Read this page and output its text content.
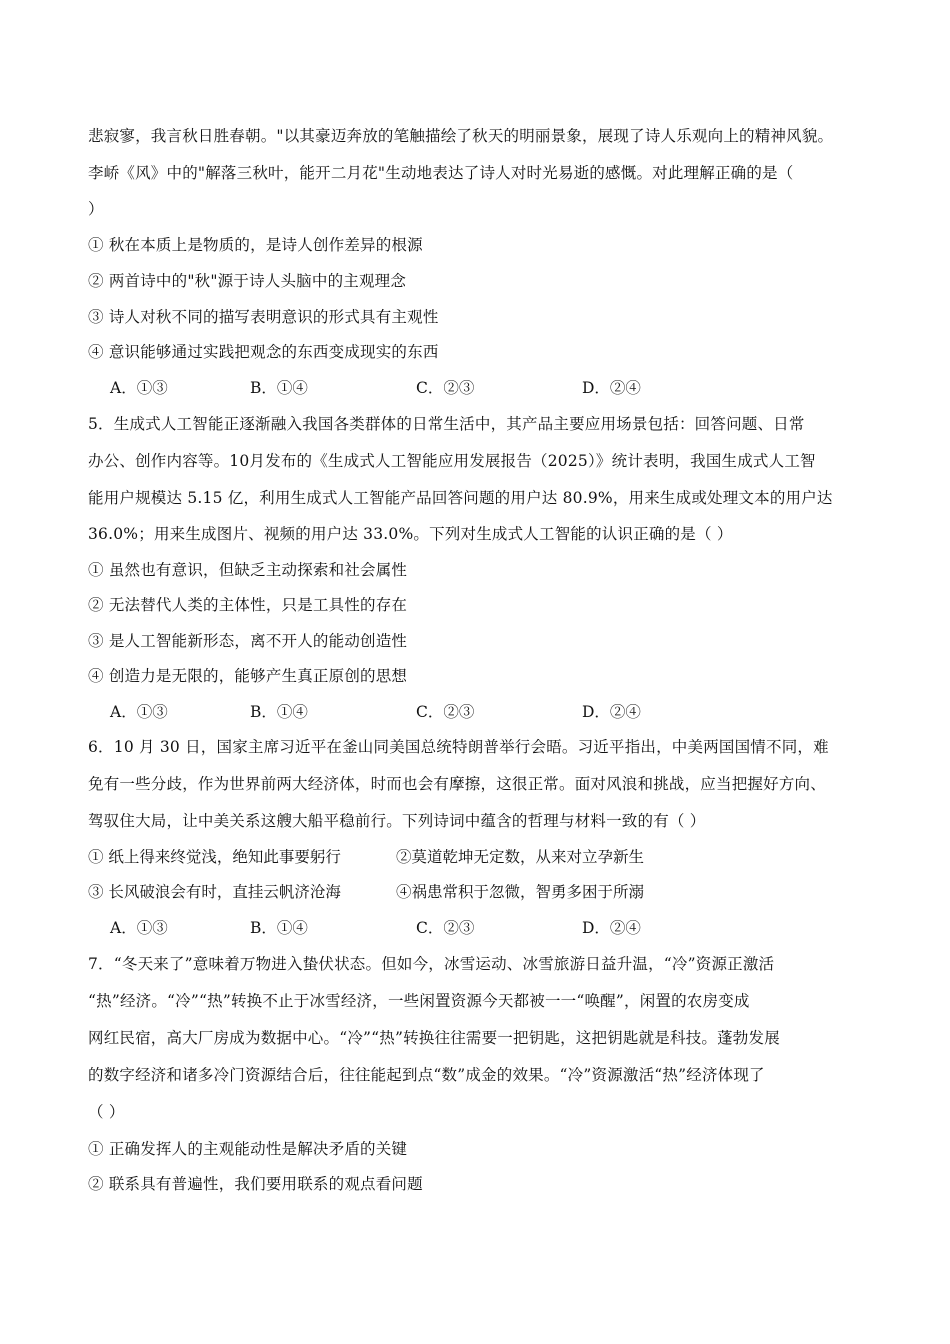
悲寂寥，我言秋日胜春朝。"以其豪迈奔放的笔触描绘了秋天的明丽景象，展现了诗人乐观向上的精神风貌。
李峤《风》中的"解落三秋叶，能开二月花"生动地表达了诗人对时光易逝的感慨。对此理解正确的是（
）
① 秋在本质上是物质的，是诗人创作差异的根源
② 两首诗中的"秋"源于诗人头脑中的主观理念
③ 诗人对秋不同的描写表明意识的形式具有主观性
④ 意识能够通过实践把观念的东西变成现实的东西
A．①③	B．①④	C．②③	D．②④
5．生成式人工智能正逐渐融入我国各类群体的日常生活中，其产品主要应用场景包括：回答问题、日常
办公、创作内容等。10月发布的《生成式人工智能应用发展报告（2025）》统计表明，我国生成式人工智
能用户规模达 5.15 亿，利用生成式人工智能产品回答问题的用户达 80.9%，用来生成或处理文本的用户达
36.0%；用来生成图片、视频的用户达 33.0%。下列对生成式人工智能的认识正确的是（ ）
① 虽然也有意识，但缺乏主动探索和社会属性
② 无法替代人类的主体性，只是工具性的存在
③ 是人工智能新形态，离不开人的能动创造性
④ 创造力是无限的，能够产生真正原创的思想
A．①③	B．①④	C．②③	D．②④
6．10 月 30 日，国家主席习近平在釜山同美国总统特朗普举行会晤。习近平指出，中美两国国情不同，难
免有一些分歧，作为世界前两大经济体，时而也会有摩擦，这很正常。面对风浪和挑战，应当把握好方向、
驾驭住大局，让中美关系这艘大船平稳前行。下列诗词中蕴含的哲理与材料一致的有（ ）
① 纸上得来终觉浅，绝知此事要躬行	②莫道乾坤无定数，从来对立孕新生
③ 长风破浪会有时，直挂云帆济沧海	④祸患常积于忽微，智勇多困于所溺
A．①③	B．①④	C．②③	D．②④
7．“冬天来了”意味着万物进入蛰伏状态。但如今，冰雪运动、冰雪旅游日益升温，“冷”资源正激活
“热”经济。“冷”“热”转换不止于冰雪经济，一些闲置资源今天都被一一“唤醒”，闲置的农房变成
网红民宿，高大厂房成为数据中心。“冷”“热”转换往往需要一把钥匙，这把钥匙就是科技。蓬勃发展
的数字经济和诸多冷门资源结合后，往往能起到点“数”成金的效果。“冷”资源激活“热”经济体现了
（ ）
① 正确发挥人的主观能动性是解决矛盾的关键
② 联系具有普遍性，我们要用联系的观点看问题
